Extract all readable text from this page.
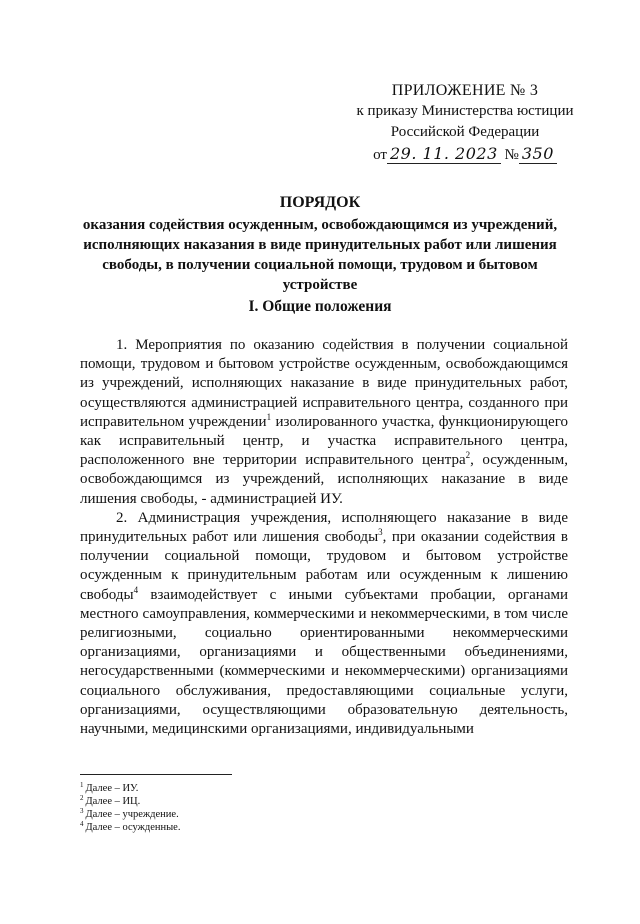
ПРИЛОЖЕНИЕ № 3
к приказу Министерства юстиции
Российской Федерации
от 29. 11. 2023 № 350
ПОРЯДОК
оказания содействия осужденным, освобождающимся из учреждений, исполняющих наказания в виде принудительных работ или лишения свободы, в получении социальной помощи, трудовом и бытовом устройстве
I. Общие положения

1. Мероприятия по оказанию содействия в получении социальной помощи, трудовом и бытовом устройстве осужденным, освобождающимся из учреждений, исполняющих наказание в виде принудительных работ, осуществляются администрацией исправительного центра, созданного при исправительном учреждении$^1$ изолированного участка, функционирующего как исправительный центр, и участка исправительного центра, расположенного вне территории исправительного центра$^2$, осужденным, освобождающимся из учреждений, исполняющих наказание в виде лишения свободы, - администрацией ИУ.

2. Администрация учреждения, исполняющего наказание в виде принудительных работ или лишения свободы$^3$, при оказании содействия в получении социальной помощи, трудовом и бытовом устройстве осужденным к принудительным работам или осужденным к лишению свободы$^4$ взаимодействует с иными субъектами пробации, органами местного самоуправления, коммерческими и некоммерческими, в том числе религиозными, социально ориентированными некоммерческими организациями, организациями и общественными объединениями, негосударственными (коммерческими и некоммерческими) организациями социального обслуживания, предоставляющими социальные услуги, организациями, осуществляющими образовательную деятельность, научными, медицинскими организациями, индивидуальными

$^1$ Далее – ИУ.
$^2$ Далее – ИЦ.
$^3$ Далее – учреждение.
$^4$ Далее – осужденные.
